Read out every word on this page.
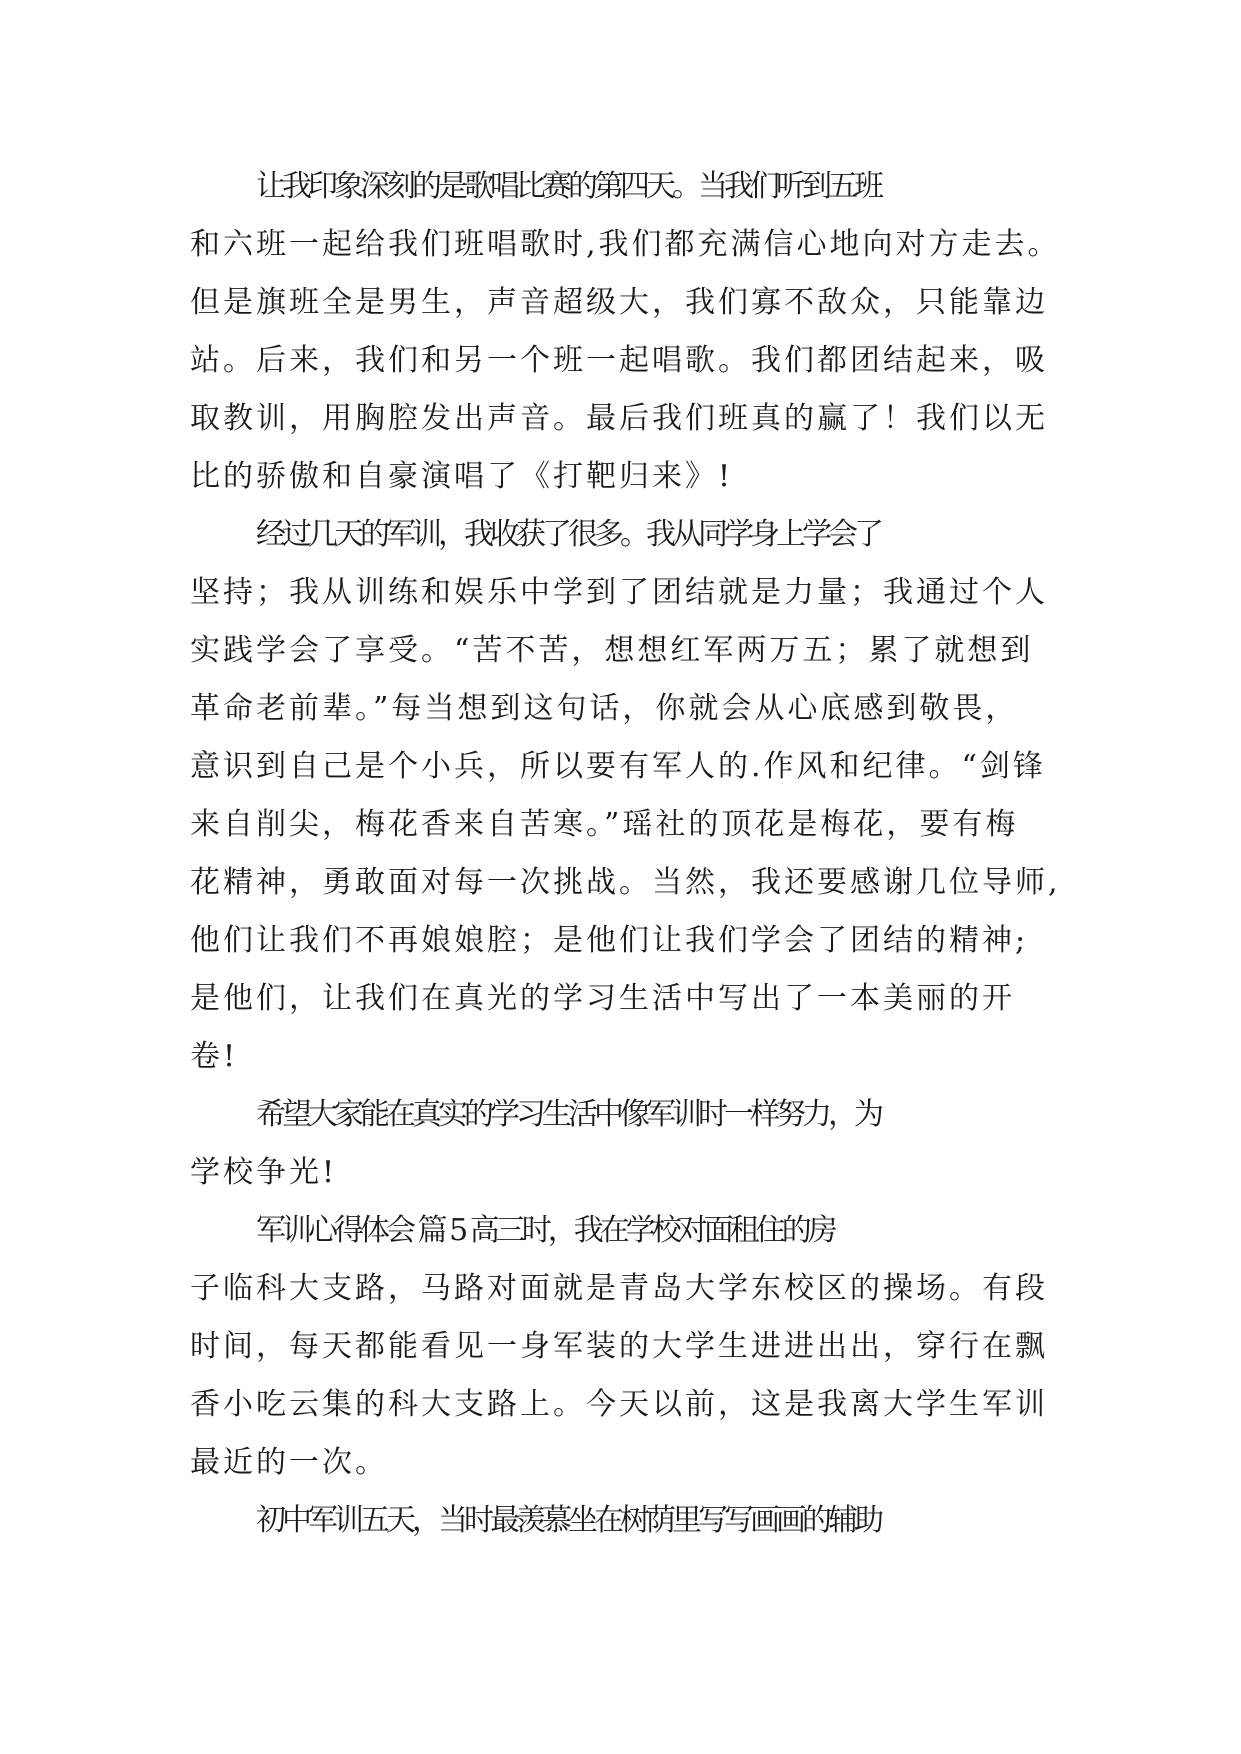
让我印象深刻的是歌唱比赛的第四天。当我们听到五班
和六班一起给我们班唱歌时,我们都充满信心地向对方走去。
但是旗班全是男生，声音超级大，我们寡不敌众，只能靠边
站。后来，我们和另一个班一起唱歌。我们都团结起来，吸
取教训，用胸腔发出声音。最后我们班真的赢了！我们以无
比的骄傲和自豪演唱了《打靶归来》!
经过几天的军训，我收获了很多。我从同学身上学会了
坚持；我从训练和娱乐中学到了团结就是力量；我通过个人
实践学会了享受。“苦不苦，想想红军两万五；累了就想到
革命老前辈。”每当想到这句话，你就会从心底感到敬畏，
意识到自己是个小兵，所以要有军人的.作风和纪律。“剑锋
来自削尖，梅花香来自苦寒。”瑶社的顶花是梅花，要有梅
花精神，勇敢面对每一次挑战。当然，我还要感谢几位导师,
他们让我们不再娘娘腔；是他们让我们学会了团结的精神;
是他们，让我们在真光的学习生活中写出了一本美丽的开
卷!
希望大家能在真实的学习生活中像军训时一样努力，为
学校争光!
军训心得体会 篇 5 高三时，我在学校对面租住的房
子临科大支路，马路对面就是青岛大学东校区的操场。有段
时间，每天都能看见一身军装的大学生进进出出，穿行在飘
香小吃云集的科大支路上。今天以前，这是我离大学生军训
最近的一次。
初中军训五天，当时最羡慕坐在树荫里写写画画的辅助
